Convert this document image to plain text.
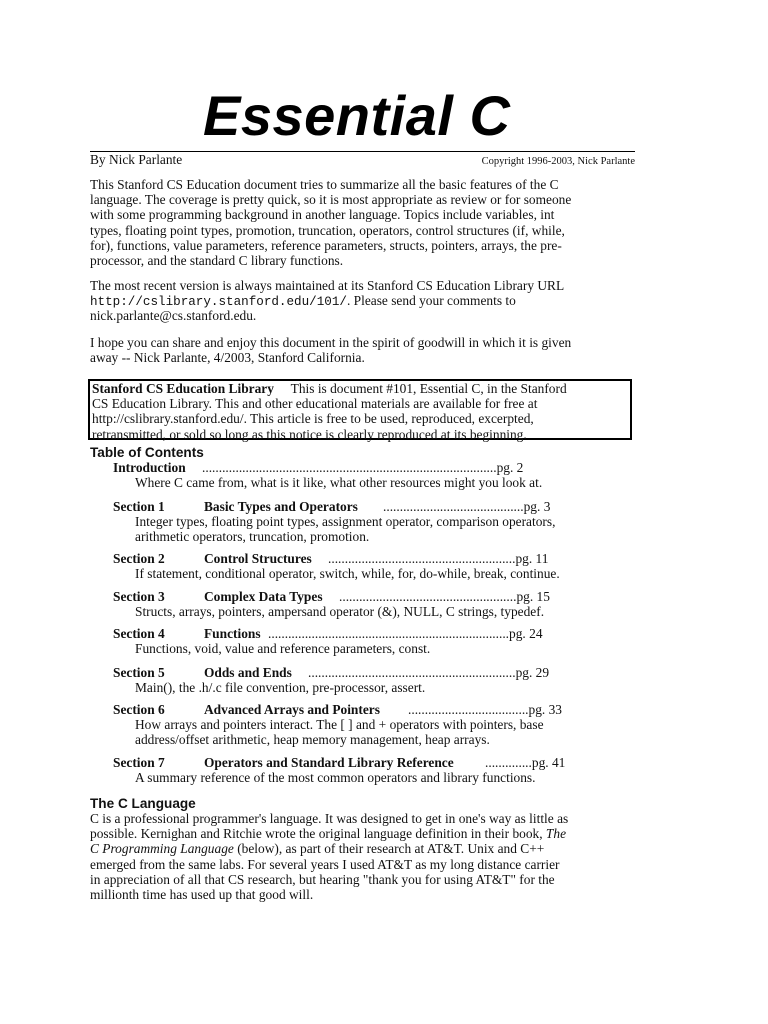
Essential C
By Nick Parlante	Copyright 1996-2003, Nick Parlante
This Stanford CS Education document tries to summarize all the basic features of the C
language. The coverage is pretty quick, so it is most appropriate as review or for someone
with some programming background in another language. Topics include variables, int
types, floating point types, promotion, truncation, operators, control structures (if, while,
for), functions, value parameters, reference parameters, structs, pointers, arrays, the pre-
processor, and the standard C library functions.
The most recent version is always maintained at its Stanford CS Education Library URL
http://cslibrary.stanford.edu/101/. Please send your comments to
nick.parlante@cs.stanford.edu.
I hope you can share and enjoy this document in the spirit of goodwill in which it is given
away -- Nick Parlante, 4/2003, Stanford California.
Stanford CS Education Library This is document #101, Essential C, in the Stanford
CS Education Library. This and other educational materials are available for free at
http://cslibrary.stanford.edu/. This article is free to be used, reproduced, excerpted,
retransmitted, or sold so long as this notice is clearly reproduced at its beginning.
Table of Contents
Introduction ........................................................................................pg. 2
Where C came from, what is it like, what other resources might you look at.
Section 1	Basic Types and Operators ..........................................pg. 3
Integer types, floating point types, assignment operator, comparison operators,
arithmetic operators, truncation, promotion.
Section 2	Control Structures ........................................................pg. 11
If statement, conditional operator, switch, while, for, do-while, break, continue.
Section 3	Complex Data Types .....................................................pg. 15
Structs, arrays, pointers, ampersand operator (&), NULL, C strings, typedef.
Section 4	Functions ........................................................................pg. 24
Functions, void, value and reference parameters, const.
Section 5	Odds and Ends ..............................................................pg. 29
Main(), the .h/.c file convention, pre-processor, assert.
Section 6	Advanced Arrays and Pointers ....................................pg. 33
How arrays and pointers interact. The [ ] and + operators with pointers, base
address/offset arithmetic, heap memory management, heap arrays.
Section 7	Operators and Standard Library Reference ..............pg. 41
A summary reference of the most common operators and library functions.
The C Language
C is a professional programmer's language. It was designed to get in one's way as little as
possible. Kernighan and Ritchie wrote the original language definition in their book, The
C Programming Language (below), as part of their research at AT&T. Unix and C++
emerged from the same labs. For several years I used AT&T as my long distance carrier
in appreciation of all that CS research, but hearing "thank you for using AT&T" for the
millionth time has used up that good will.
